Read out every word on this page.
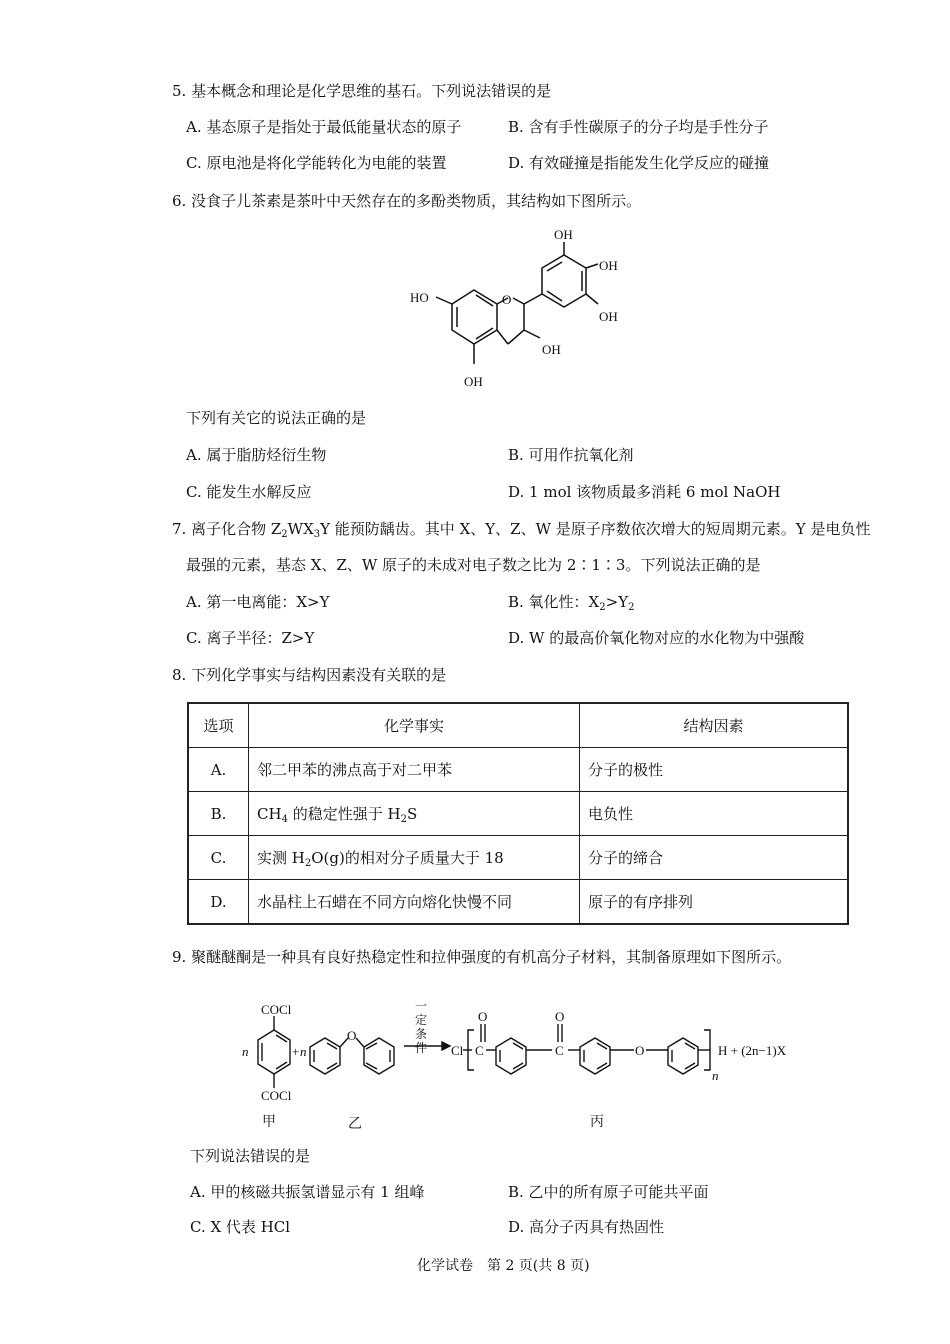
5. 基本概念和理论是化学思维的基石。下列说法错误的是
A. 基态原子是指处于最低能量状态的原子	B. 含有手性碳原子的分子均是手性分子
C. 原电池是将化学能转化为电能的装置	D. 有效碰撞是指能发生化学反应的碰撞
6. 没食子儿茶素是茶叶中天然存在的多酚类物质，其结构如下图所示。
O
HO
OH
OH
OH
OH
OH
下列有关它的说法正确的是
A. 属于脂肪烃衍生物	B. 可用作抗氧化剂
C. 能发生水解反应	D. 1 mol 该物质最多消耗 6 mol NaOH
7. 离子化合物 $Z_2WX_3Y$ 能预防龋齿。其中 X、Y、Z、W 是原子序数依次增大的短周期元素。Y 是电负性
最强的元素，基态 X、Z、W 原子的未成对电子数之比为 2∶1∶3。下列说法正确的是
A. 第一电离能：X>Y	B. 氧化性：$X_2>Y_2$
C. 离子半径：Z>Y	D. W 的最高价氧化物对应的水化物为中强酸
8. 下列化学事实与结构因素没有关联的是
选项	化学事实	结构因素
A.	邻二甲苯的沸点高于对二甲苯	分子的极性
B.	$CH_4$ 的稳定性强于 $H_2S$	电负性
C.	实测 $H_2O(g)$的相对分子质量大于 18	分子的缔合
D.	水晶柱上石蜡在不同方向熔化快慢不同	原子的有序排列
9. 聚醚醚酮是一种具有良好热稳定性和拉伸强度的有机高分子材料，其制备原理如下图所示。
COCl
COCl
n	+ n
O
一
定
条
件 Cl C
O
C
O
O
n
H + (2n−1)X
甲	乙	丙
下列说法错误的是
A. 甲的核磁共振氢谱显示有 1 组峰	B. 乙中的所有原子可能共平面
C. X 代表 HCl	D. 高分子丙具有热固性
化学试卷　第 2 页(共 8 页)
